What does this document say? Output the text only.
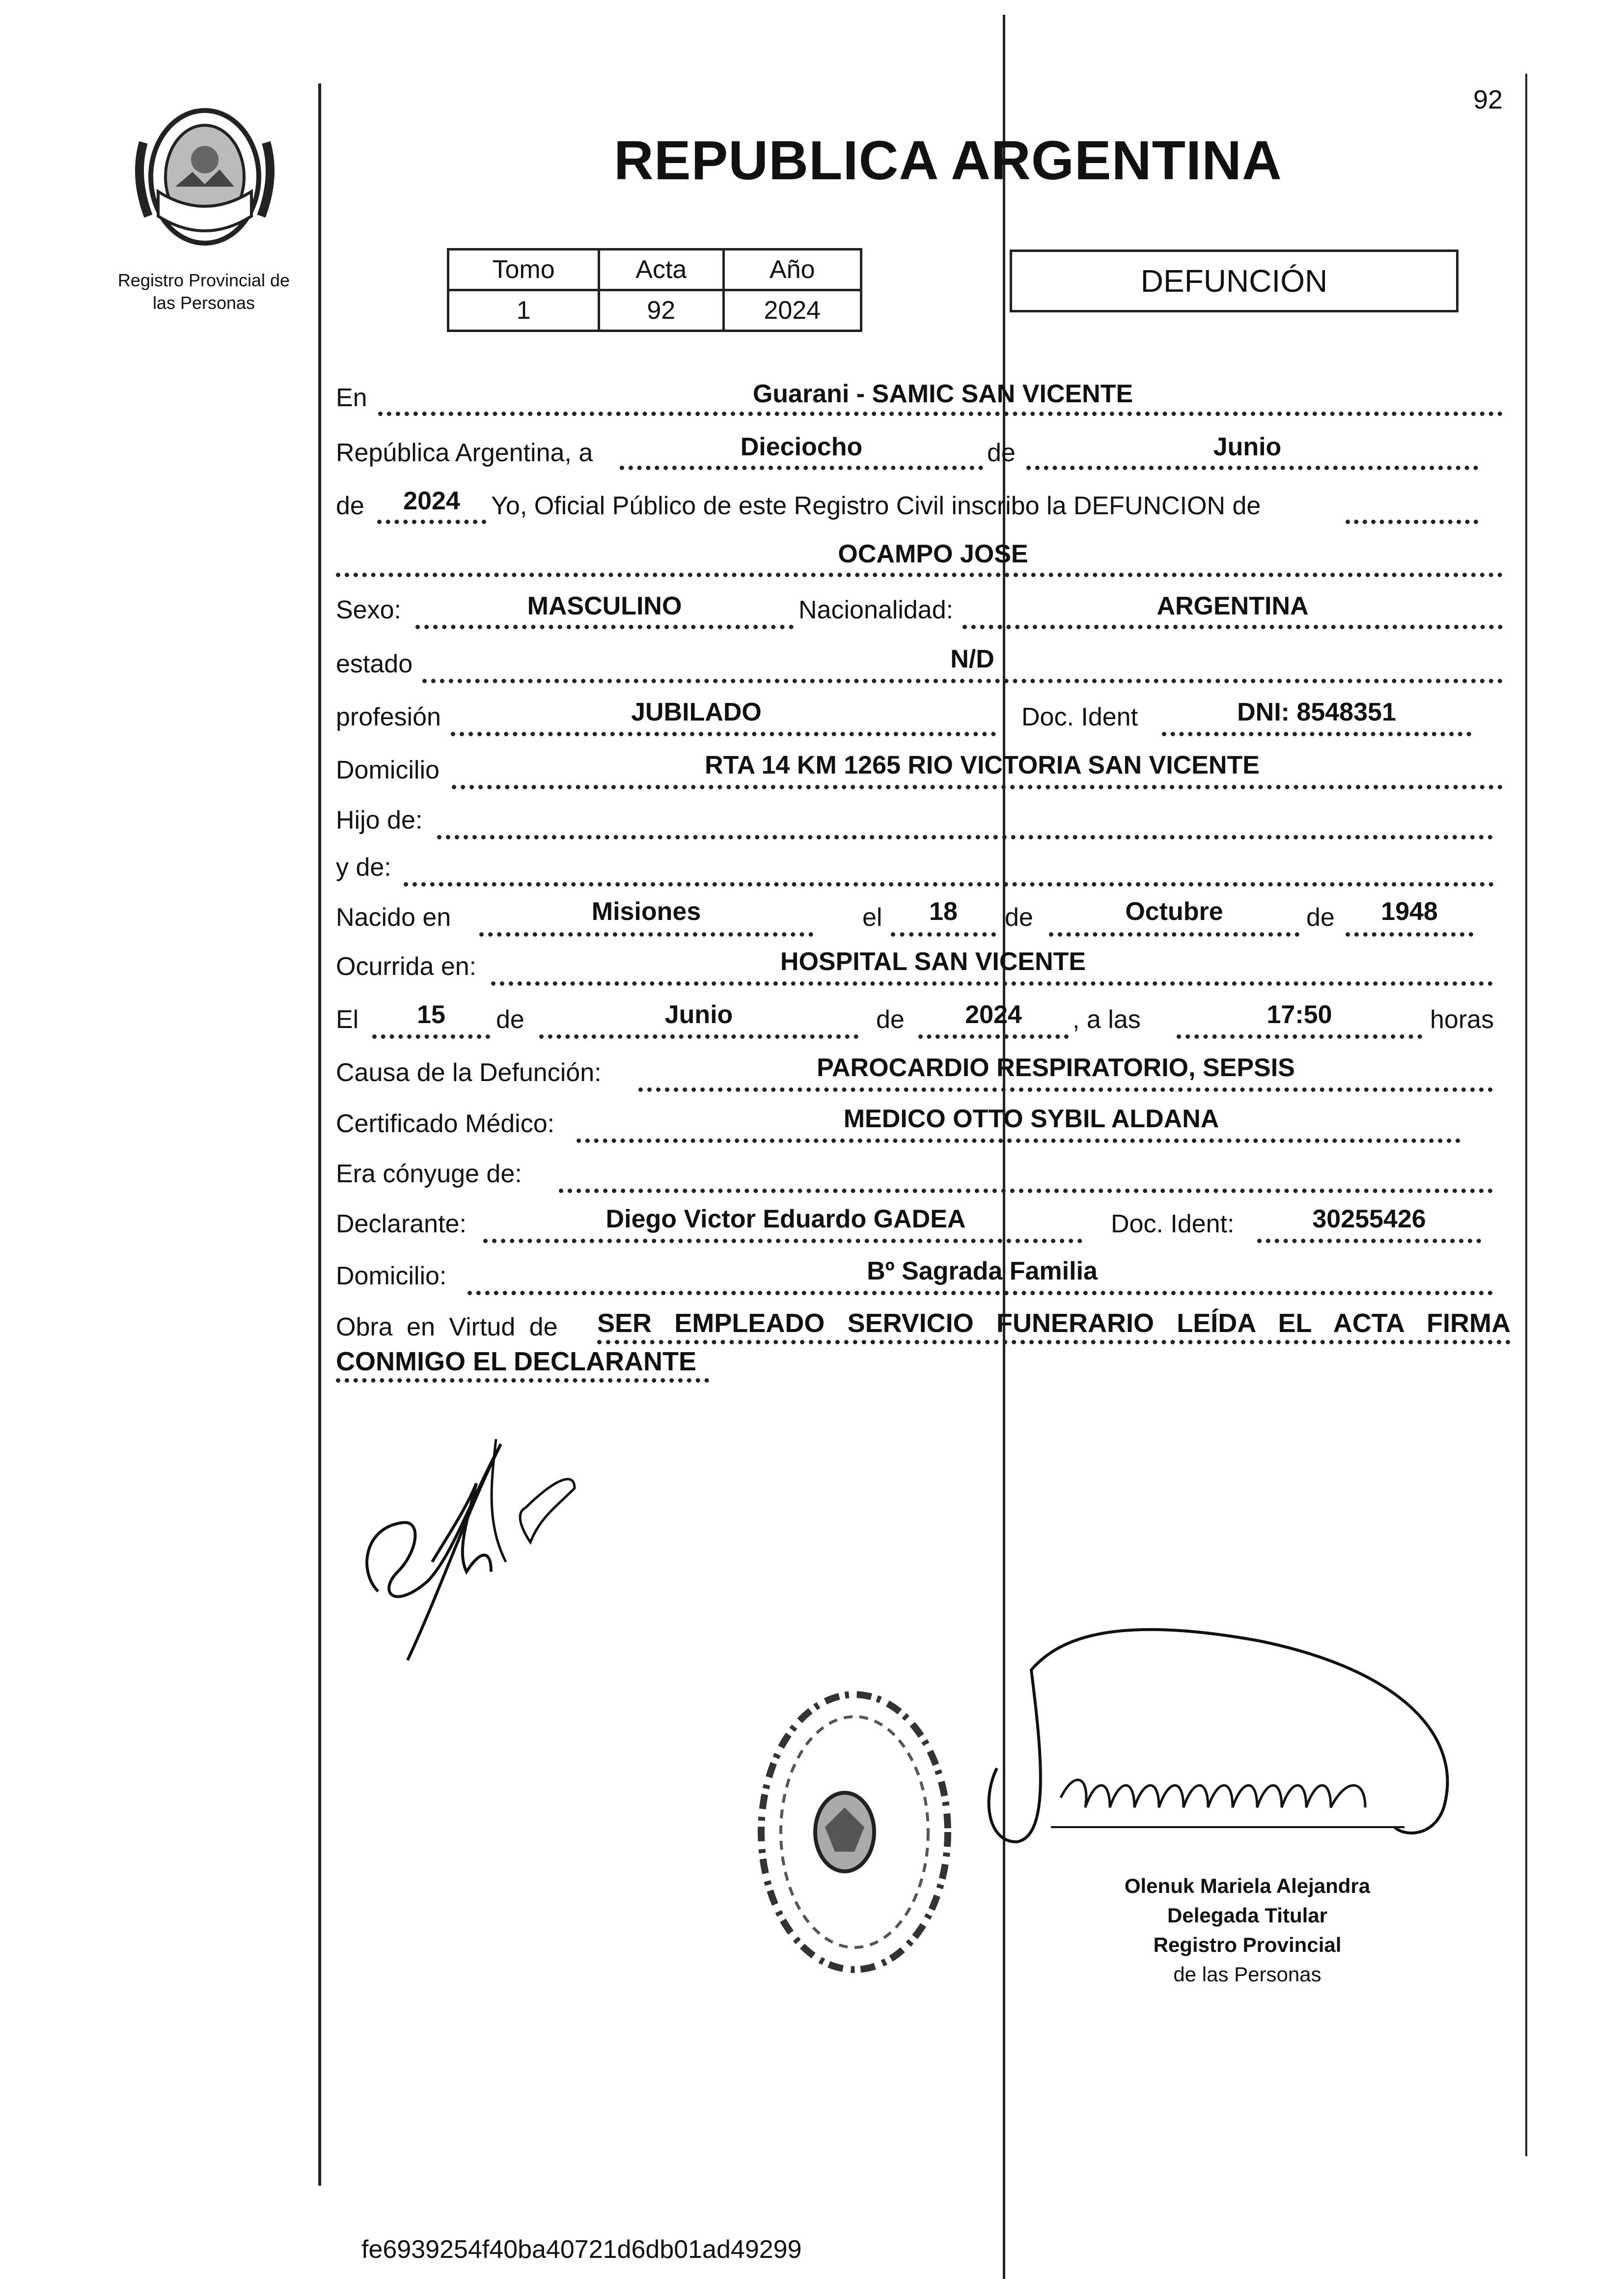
92
Registro Provincial de
las Personas
REPUBLICA ARGENTINA
Tomo	Acta	Año
1	92	2024
DEFUNCIÓN
En	Guarani - SAMIC SAN VICENTE
República Argentina, a	Dieciocho	de	Junio
de	2024	Yo, Oficial Público de este Registro Civil inscribo la DEFUNCION de
OCAMPO JOSE
Sexo:	MASCULINO	Nacionalidad:	ARGENTINA
estado	N/D
profesión	JUBILADO	Doc. Ident	DNI: 8548351
Domicilio	RTA 14 KM 1265 RIO VICTORIA SAN VICENTE
Hijo de:
y de:
Nacido en	Misiones	el	18	de	Octubre	de	1948
Ocurrida en:	HOSPITAL SAN VICENTE
El	15	de	Junio	de	2024	, a las	17:50	horas
Causa de la Defunción:	PAROCARDIO RESPIRATORIO, SEPSIS
Certificado Médico:	MEDICO OTTO SYBIL ALDANA
Era cónyuge de:
Declarante:	Diego Victor Eduardo GADEA	Doc. Ident:	30255426
Domicilio:	Bº Sagrada Familia
Obra en Virtud de SER EMPLEADO SERVICIO FUNERARIO LEÍDA EL ACTA FIRMA
CONMIGO EL DECLARANTE
Olenuk Mariela Alejandra
Delegada Titular
Registro Provincial
de las Personas
fe6939254f40ba40721d6db01ad49299
